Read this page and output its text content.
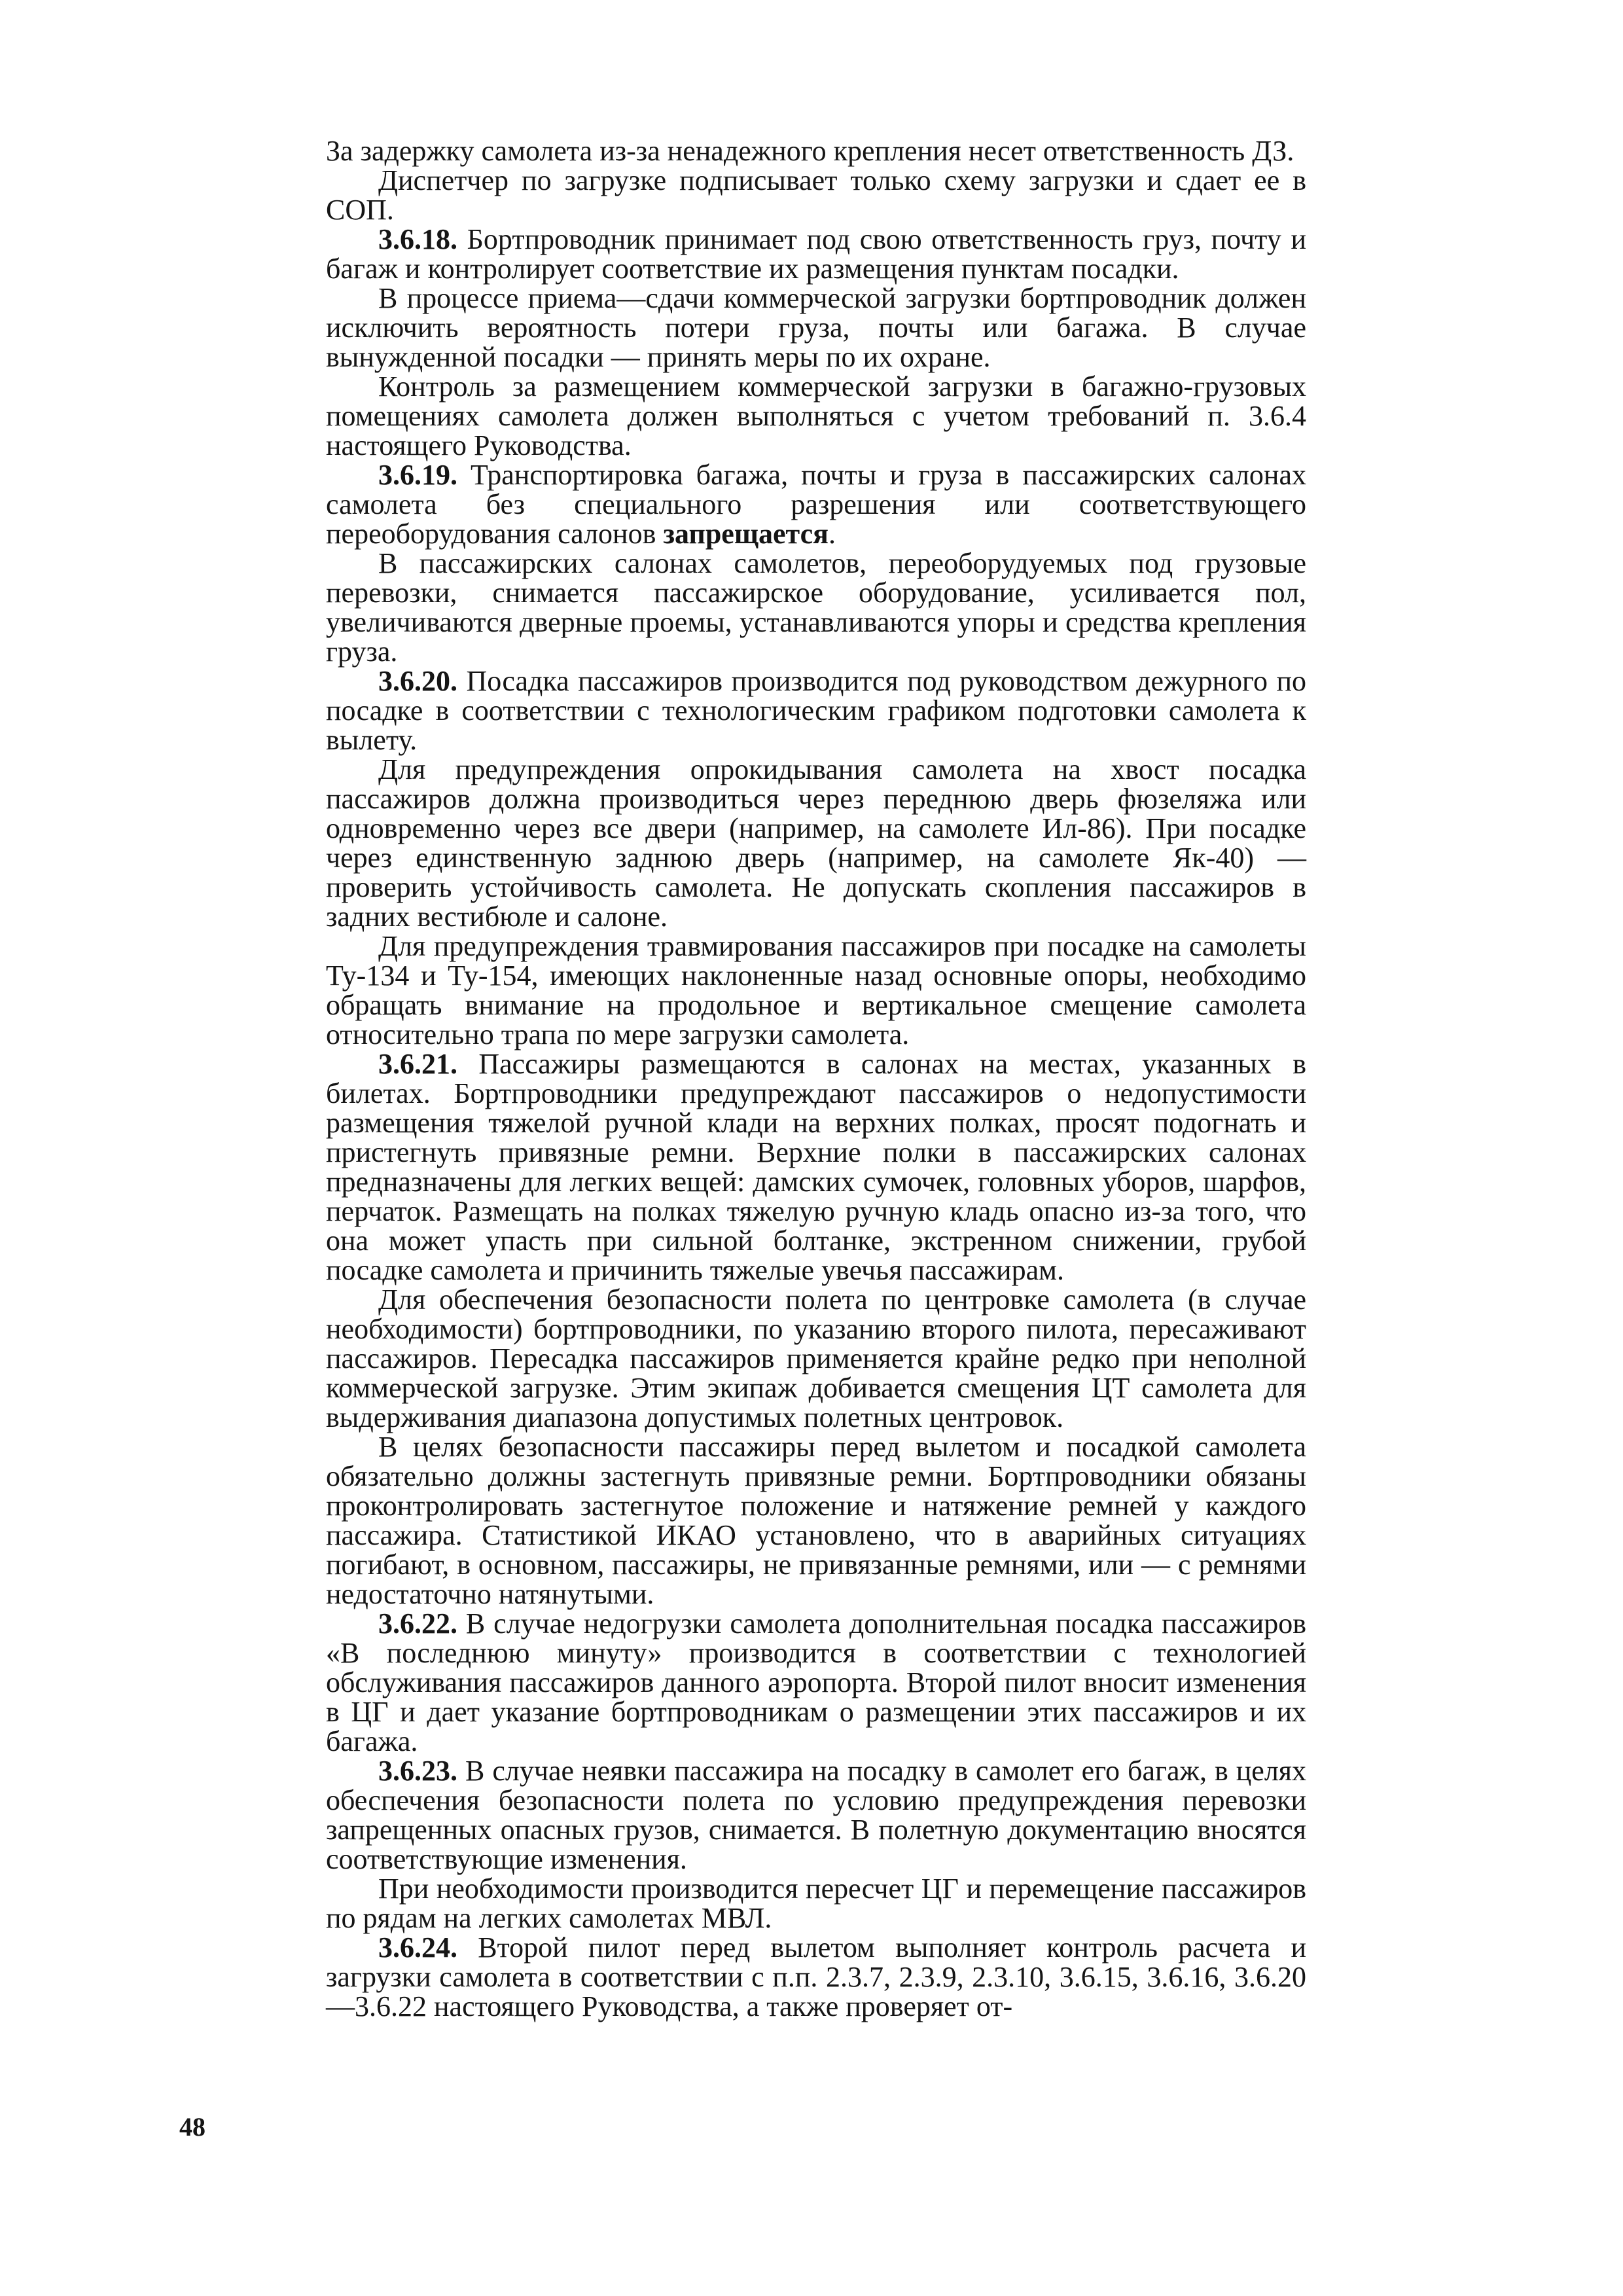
За задержку самолета из-за ненадежного крепления несет ответственность ДЗ.

Диспетчер по загрузке подписывает только схему загрузки и сдает ее в СОП.

3.6.18. Бортпроводник принимает под свою ответственность груз, почту и багаж и контролирует соответствие их размещения пунктам посадки.

В процессе приема—сдачи коммерческой загрузки бортпроводник должен исключить вероятность потери груза, почты или багажа. В случае вынужденной посадки — принять меры по их охране.

Контроль за размещением коммерческой загрузки в багажно-грузовых помещениях самолета должен выполняться с учетом требований п. 3.6.4 настоящего Руководства.

3.6.19. Транспортировка багажа, почты и груза в пассажирских салонах самолета без специального разрешения или соответствующего переоборудования салонов запрещается.

В пассажирских салонах самолетов, переоборудуемых под грузовые перевозки, снимается пассажирское оборудование, усиливается пол, увеличиваются дверные проемы, устанавливаются упоры и средства крепления груза.

3.6.20. Посадка пассажиров производится под руководством дежурного по посадке в соответствии с технологическим графиком подготовки самолета к вылету.

Для предупреждения опрокидывания самолета на хвост посадка пассажиров должна производиться через переднюю дверь фюзеляжа или одновременно через все двери (например, на самолете Ил-86). При посадке через единственную заднюю дверь (например, на самолете Як-40) — проверить устойчивость самолета. Не допускать скопления пассажиров в задних вестибюле и салоне.

Для предупреждения травмирования пассажиров при посадке на самолеты Ту-134 и Ту-154, имеющих наклоненные назад основные опоры, необходимо обращать внимание на продольное и вертикальное смещение самолета относительно трапа по мере загрузки самолета.

3.6.21. Пассажиры размещаются в салонах на местах, указанных в билетах. Бортпроводники предупреждают пассажиров о недопустимости размещения тяжелой ручной клади на верхних полках, просят подогнать и пристегнуть привязные ремни. Верхние полки в пассажирских салонах предназначены для легких вещей: дамских сумочек, головных уборов, шарфов, перчаток. Размещать на полках тяжелую ручную кладь опасно из-за того, что она может упасть при сильной болтанке, экстренном снижении, грубой посадке самолета и причинить тяжелые увечья пассажирам.

Для обеспечения безопасности полета по центровке самолета (в случае необходимости) бортпроводники, по указанию второго пилота, пересаживают пассажиров. Пересадка пассажиров применяется крайне редко при неполной коммерческой загрузке. Этим экипаж добивается смещения ЦТ самолета для выдерживания диапазона допустимых полетных центровок.

В целях безопасности пассажиры перед вылетом и посадкой самолета обязательно должны застегнуть привязные ремни. Бортпроводники обязаны проконтролировать застегнутое положение и натяжение ремней у каждого пассажира. Статистикой ИКАО установлено, что в аварийных ситуациях погибают, в основном, пассажиры, не привязанные ремнями, или — с ремнями недостаточно натянутыми.

3.6.22. В случае недогрузки самолета дополнительная посадка пассажиров «В последнюю минуту» производится в соответствии с технологией обслуживания пассажиров данного аэропорта. Второй пилот вносит изменения в ЦГ и дает указание бортпроводникам о размещении этих пассажиров и их багажа.

3.6.23. В случае неявки пассажира на посадку в самолет его багаж, в целях обеспечения безопасности полета по условию предупреждения перевозки запрещенных опасных грузов, снимается. В полетную документацию вносятся соответствующие изменения.

При необходимости производится пересчет ЦГ и перемещение пассажиров по рядам на легких самолетах МВЛ.

3.6.24. Второй пилот перед вылетом выполняет контроль расчета и загрузки самолета в соответствии с п.п. 2.3.7, 2.3.9, 2.3.10, 3.6.15, 3.6.16, 3.6.20—3.6.22 настоящего Руководства, а также проверяет от-

48
